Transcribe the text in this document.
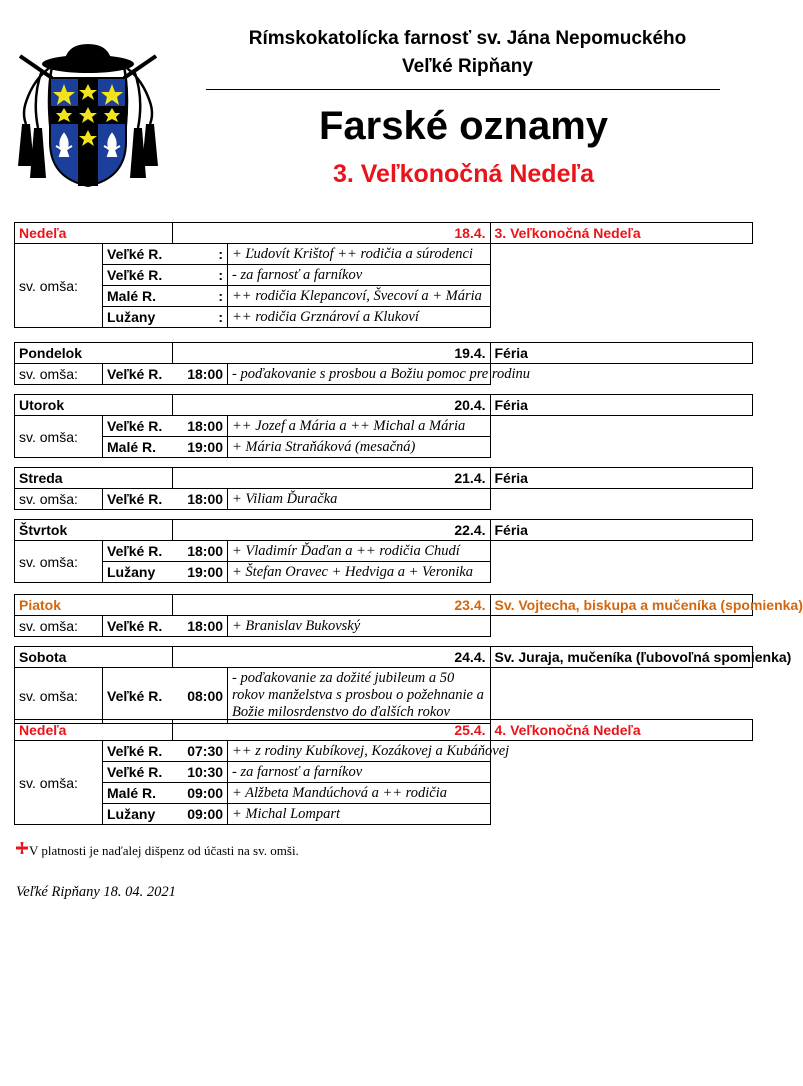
Rímskokatolícka farnosť sv. Jána Nepomuckého
Veľké Ripňany
Farské oznamy
3. Veľkonočná Nedeľa
Nedeľa		18.4.		3. Veľkonočná Nedeľa
sv. omša:	Veľké R.	:	+ Ľudovít Krištof ++ rodičia a súrodenci	
	Veľké R.	:	- za farnosť a farníkov	
	Malé R.	:	++ rodičia Klepancoví, Švecoví a + Mária	
	Lužany	:	++ rodičia Grznároví a Klukoví	
Pondelok		19.4.		Féria
sv. omša:	Veľké R.	18:00	- poďakovanie s prosbou a Božiu pomoc pre rodinu	
Utorok		20.4.		Féria
sv. omša:	Veľké R.	18:00	++ Jozef a Mária a ++ Michal a Mária	
	Malé R.	19:00	+ Mária Straňáková (mesačná)	
Streda		21.4.		Féria
sv. omša:	Veľké R.	18:00	+ Viliam Ďuračka	
Štvrtok		22.4.		Féria
sv. omša:	Veľké R.	18:00	+ Vladimír Ďaďan a ++ rodičia Chudí	
	Lužany	19:00	+ Štefan Oravec + Hedviga a + Veronika	
Piatok		23.4.		Sv. Vojtecha, biskupa a mučeníka (spomienka)
sv. omša:	Veľké R.	18:00	+ Branislav Bukovský	
Sobota		24.4.		Sv. Juraja, mučeníka (ľubovoľná spomienka)
sv. omša:	Veľké R.	08:00	- poďakovanie za dožité jubileum a 50 rokov manželstva s prosbou o požehnanie a Božie milosrdenstvo do ďalších rokov	
Nedeľa		25.4.		4. Veľkonočná Nedeľa
sv. omša:	Veľké R.	07:30	++ z rodiny Kubíkovej, Kozákovej a Kubáňovej	
	Veľké R.	10:30	- za farnosť a farníkov	
	Malé R.	09:00	+ Alžbeta Mandúchová a ++ rodičia	
	Lužany	09:00	+ Michal Lompart	
V platnosti je naďalej dišpenz od účasti na sv. omši.
Veľké Ripňany 18. 04. 2021
